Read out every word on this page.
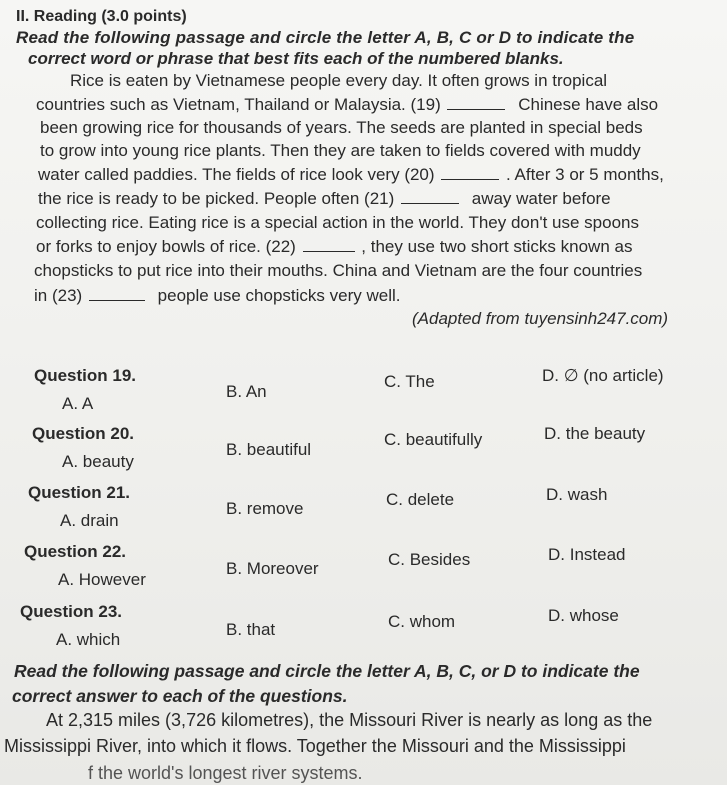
II. Reading (3.0 points)
Read the following passage and circle the letter A, B, C or D to indicate the
correct word or phrase that best fits each of the numbered blanks.
Rice is eaten by Vietnamese people every day. It often grows in tropical
countries such as Vietnam, Thailand or Malaysia. (19)	Chinese have also
been growing rice for thousands of years. The seeds are planted in special beds
to grow into young rice plants. Then they are taken to fields covered with muddy
water called paddies. The fields of rice look very (20)	. After 3 or 5 months,
the rice is ready to be picked. People often (21)	away water before
collecting rice. Eating rice is a special action in the world. They don't use spoons
or forks to enjoy bowls of rice. (22)	, they use two short sticks known as
chopsticks to put rice into their mouths. China and Vietnam are the four countries
in (23)	people use chopsticks very well.
(Adapted from tuyensinh247.com)
Question 19.
A. A
B. An
C. The	D. ∅ (no article)
Question 20.
A. beauty
B. beautiful
C. beautifully	D. the beauty
Question 21.
A. drain
B. remove	C. delete	D. wash
Question 22.
A. However
B. Moreover	C. Besides	D. Instead
Question 23.
A. which
B. that	C. whom	D. whose
Read the following passage and circle the letter A, B, C, or D to indicate the
correct answer to each of the questions.
At 2,315 miles (3,726 kilometres), the Missouri River is nearly as long as the
Mississippi River, into which it flows. Together the Missouri and the Mississippi
f the world's longest river systems.
